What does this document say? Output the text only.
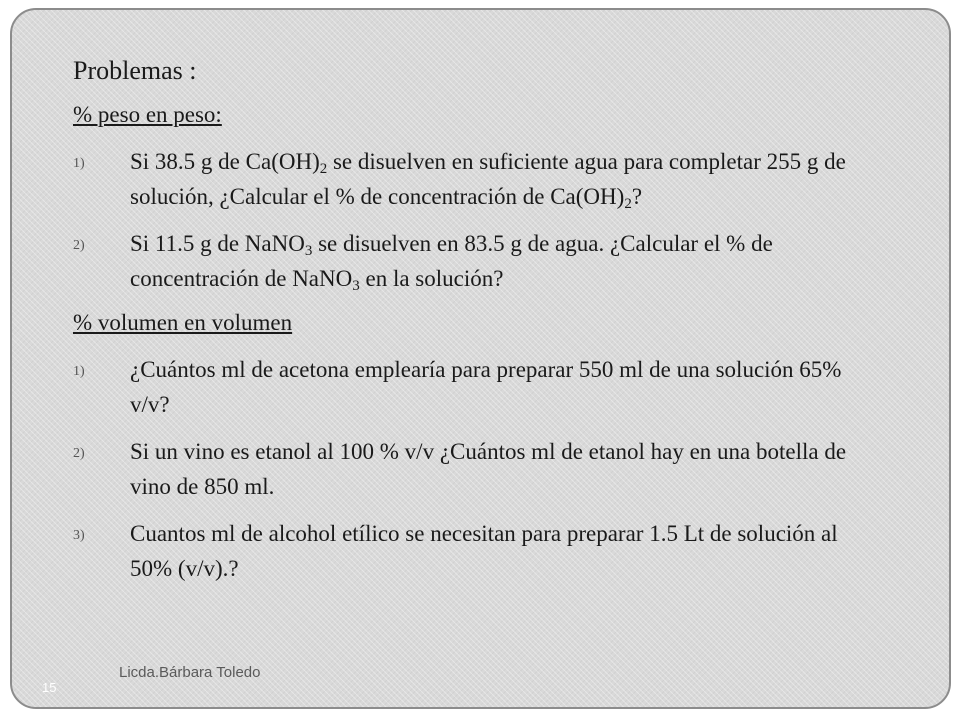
Problemas :
% peso en peso:
1) Si 38.5 g de $Ca(OH)_2$ se disuelven en suficiente agua para completar 255 g de solución, ¿Calcular el % de concentración de $Ca(OH)_2$?
2) Si 11.5 g de NaNO$_3$ se disuelven en 83.5 g de agua. ¿Calcular el % de concentración de NaNO$_3$ en la solución?
% volumen en volumen
1) ¿Cuántos ml de acetona emplearía para preparar 550 ml de una solución 65% v/v?
2) Si un vino es etanol al 100 % v/v ¿Cuántos ml de etanol hay en una botella de vino de 850 ml.
3) Cuantos ml de alcohol etílico se necesitan para preparar 1.5 Lt de solución al 50% (v/v).?
Licda.Bárbara Toledo
15
